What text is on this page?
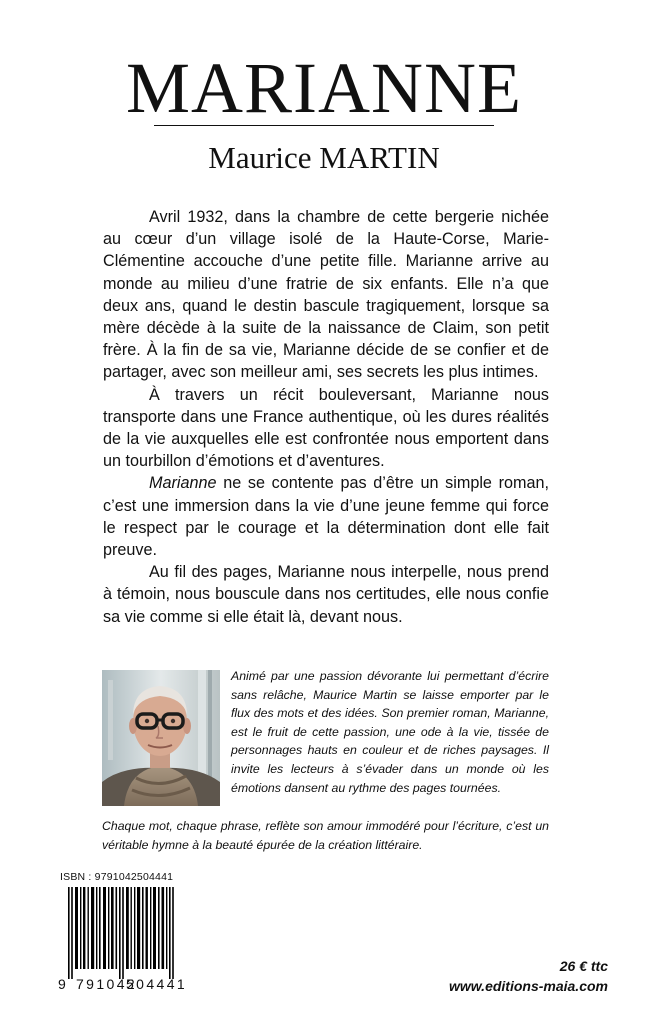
MARIANNE
Maurice MARTIN

Avril 1932, dans la chambre de cette bergerie nichée au cœur d’un village isolé de la Haute-Corse, Marie-Clémentine accouche d’une petite fille. Marianne arrive au monde au milieu d’une fratrie de six enfants. Elle n’a que deux ans, quand le destin bascule tragiquement, lorsque sa mère décède à la suite de la naissance de Claim, son petit frère. À la fin de sa vie, Marianne décide de se confier et de partager, avec son meilleur ami, ses secrets les plus intimes.

À travers un récit bouleversant, Marianne nous transporte dans une France authentique, où les dures réalités de la vie auxquelles elle est confrontée nous emportent dans un tourbillon d’émotions et d’aventures.

Marianne ne se contente pas d’être un simple roman, c’est une immersion dans la vie d’une jeune femme qui force le respect par le courage et la détermination dont elle fait preuve.

Au fil des pages, Marianne nous interpelle, nous prend à témoin, nous bouscule dans nos certitudes, elle nous confie sa vie comme si elle était là, devant nous.

Animé par une passion dévorante lui permettant d’écrire sans relâche, Maurice Martin se laisse emporter par le flux des mots et des idées. Son premier roman, Marianne, est le fruit de cette passion, une ode à la vie, tissée de personnages hauts en couleur et de riches paysages. Il invite les lecteurs à s’évader dans un monde où les émotions dansent au rythme des pages tournées.

Chaque mot, chaque phrase, reflète son amour immodéré pour l’écriture, c’est un véritable hymne à la beauté épurée de la création littéraire.

ISBN : 9791042504441
9 791042
504441
26 € ttc
www.editions-maia.com
